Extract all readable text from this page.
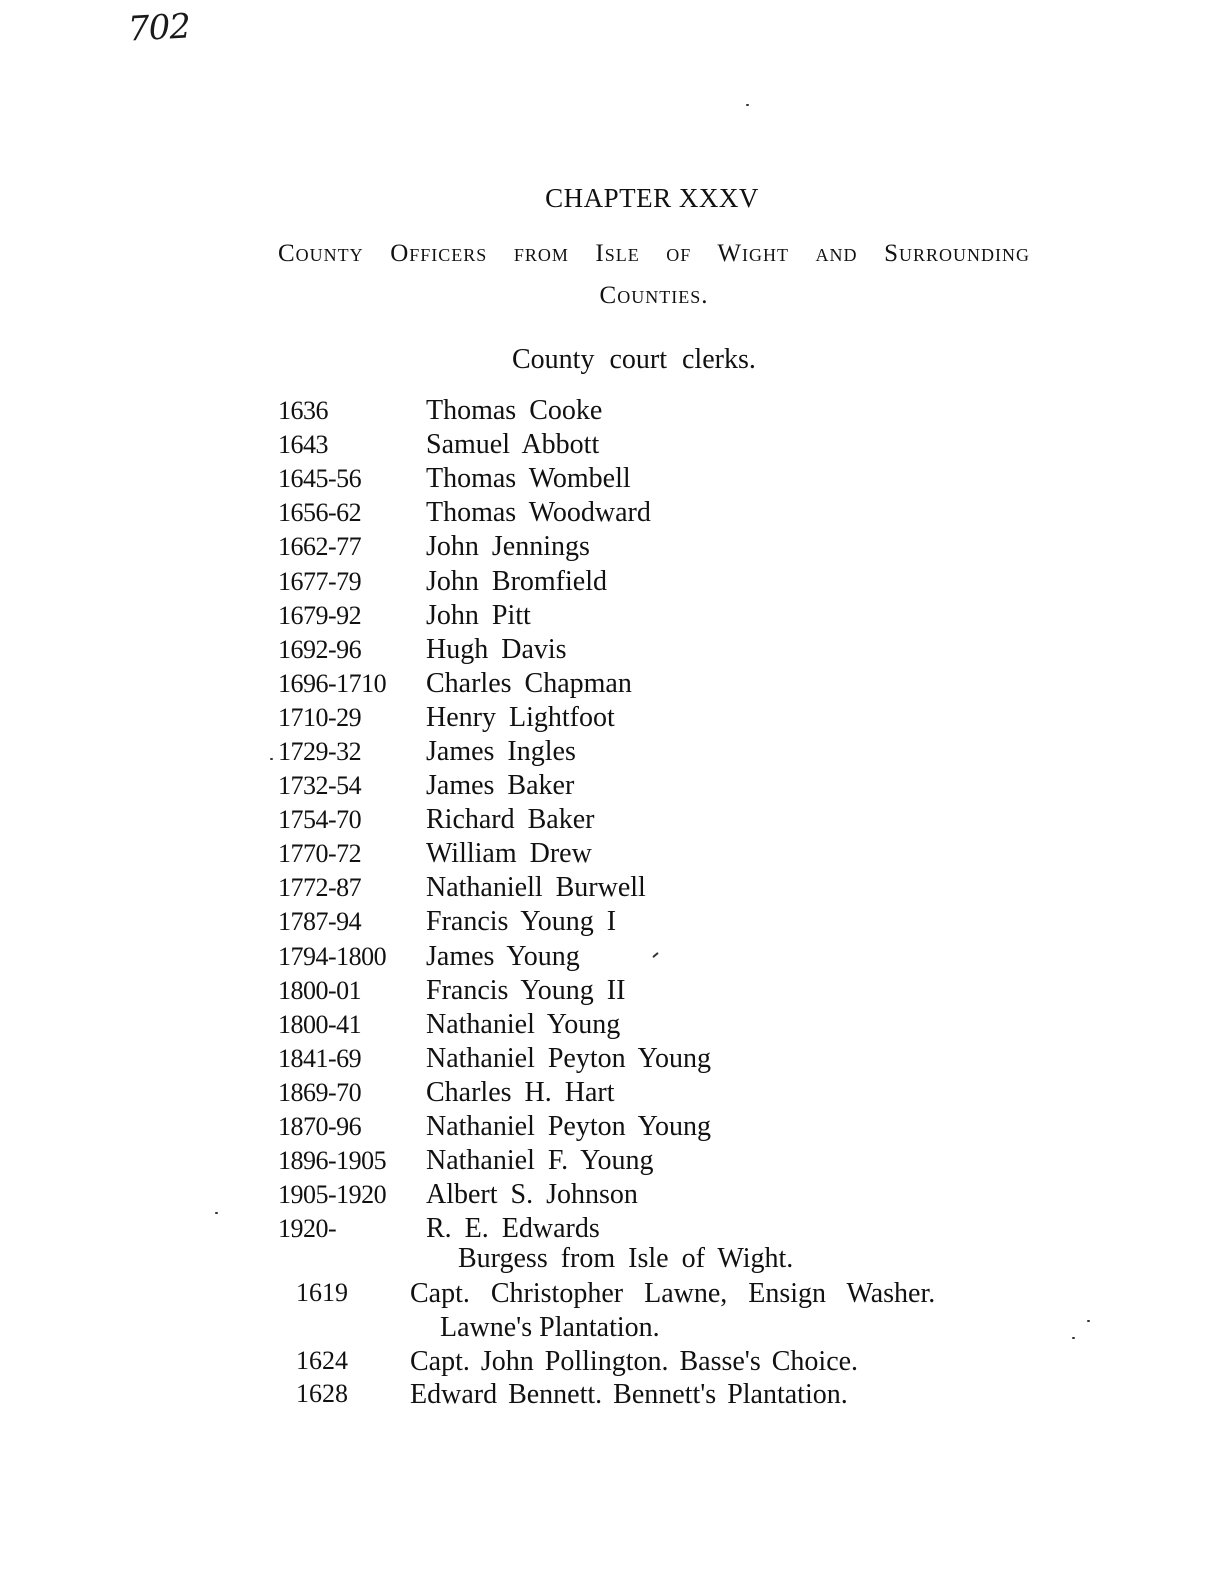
702
CHAPTER XXXV
County Officers from Isle of Wight and Surrounding
Counties.
County court clerks.
1636	Thomas Cooke
1643	Samuel Abbott
1645-56	Thomas Wombell
1656-62	Thomas Woodward
1662-77	John Jennings
1677-79	John Bromfield
1679-92	John Pitt
1692-96	Hugh Davis
1696-1710	Charles Chapman
1710-29	Henry Lightfoot
1729-32	James Ingles
1732-54	James Baker
1754-70	Richard Baker
1770-72	William Drew
1772-87	Nathaniell Burwell
1787-94	Francis Young I
1794-1800	James Young
1800-01	Francis Young II
1800-41	Nathaniel Young
1841-69	Nathaniel Peyton Young
1869-70	Charles H. Hart
1870-96	Nathaniel Peyton Young
1896-1905	Nathaniel F. Young
1905-1920	Albert S. Johnson
1920-	R. E. Edwards
Burgess from Isle of Wight.
1619	Capt. Christopher Lawne, Ensign Washer.
Lawne's Plantation.
1624	Capt. John Pollington. Basse's Choice.
1628	Edward Bennett. Bennett's Plantation.
